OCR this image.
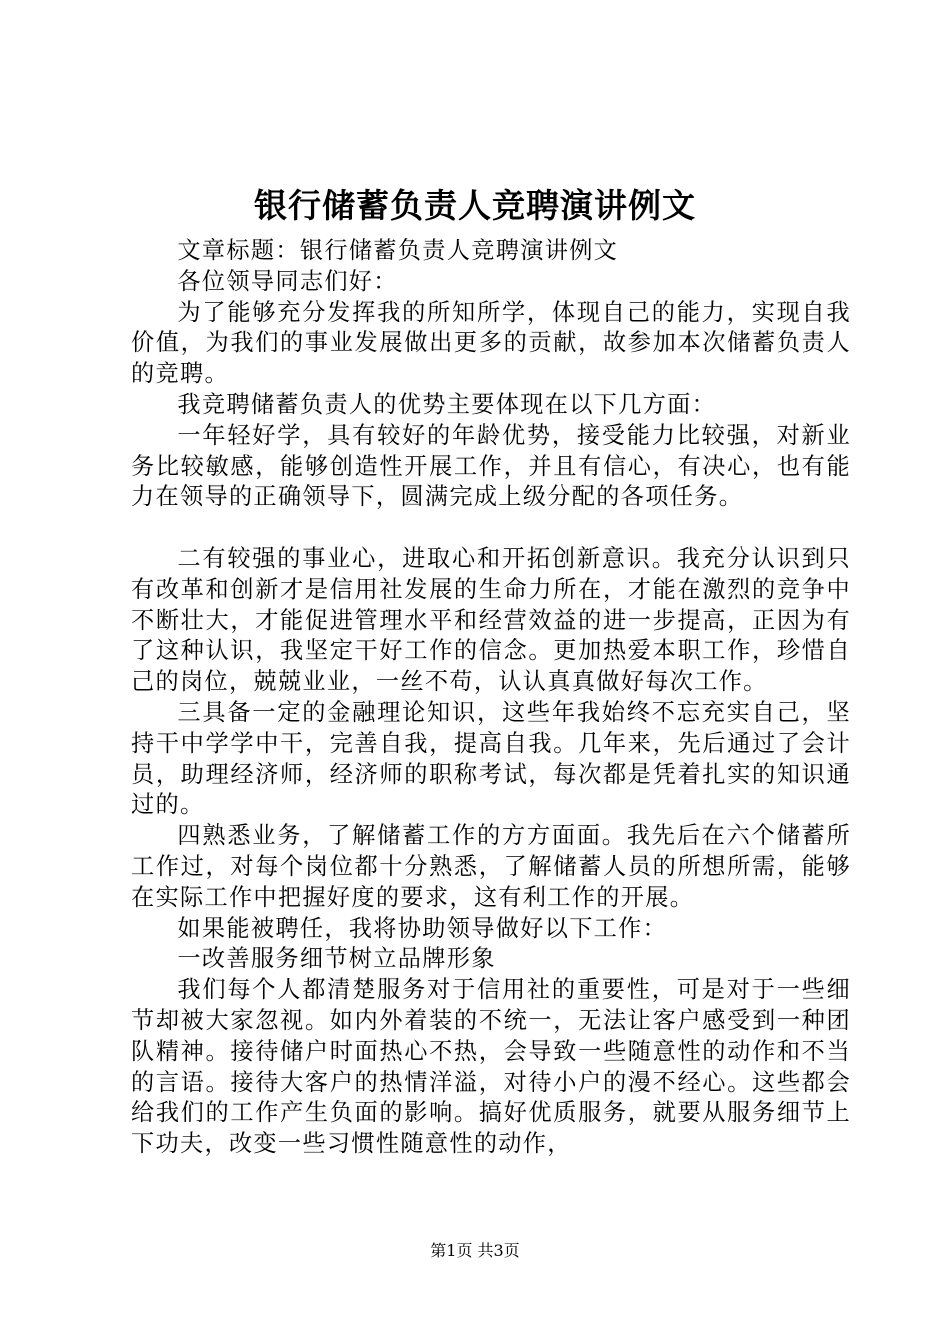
银行储蓄负责人竞聘演讲例文

文章标题：银行储蓄负责人竞聘演讲例文

各位领导同志们好：

为了能够充分发挥我的所知所学，体现自己的能力，实现自我价值，为我们的事业发展做出更多的贡献，故参加本次储蓄负责人的竞聘。

我竞聘储蓄负责人的优势主要体现在以下几方面：

一年轻好学，具有较好的年龄优势，接受能力比较强，对新业务比较敏感，能够创造性开展工作，并且有信心，有决心，也有能力在领导的正确领导下，圆满完成上级分配的各项任务。

二有较强的事业心，进取心和开拓创新意识。我充分认识到只有改革和创新才是信用社发展的生命力所在，才能在激烈的竞争中不断壮大，才能促进管理水平和经营效益的进一步提高，正因为有了这种认识，我坚定干好工作的信念。更加热爱本职工作，珍惜自己的岗位，兢兢业业，一丝不苟，认认真真做好每次工作。

三具备一定的金融理论知识，这些年我始终不忘充实自己，坚持干中学学中干，完善自我，提高自我。几年来，先后通过了会计员，助理经济师，经济师的职称考试，每次都是凭着扎实的知识通过的。

四熟悉业务，了解储蓄工作的方方面面。我先后在六个储蓄所工作过，对每个岗位都十分熟悉，了解储蓄人员的所想所需，能够在实际工作中把握好度的要求，这有利工作的开展。

如果能被聘任，我将协助领导做好以下工作：

一改善服务细节树立品牌形象

我们每个人都清楚服务对于信用社的重要性，可是对于一些细节却被大家忽视。如内外着装的不统一，无法让客户感受到一种团队精神。接待储户时面热心不热，会导致一些随意性的动作和不当的言语。接待大客户的热情洋溢，对待小户的漫不经心。这些都会给我们的工作产生负面的影响。搞好优质服务，就要从服务细节上下功夫，改变一些习惯性随意性的动作，

第1页 共3页
